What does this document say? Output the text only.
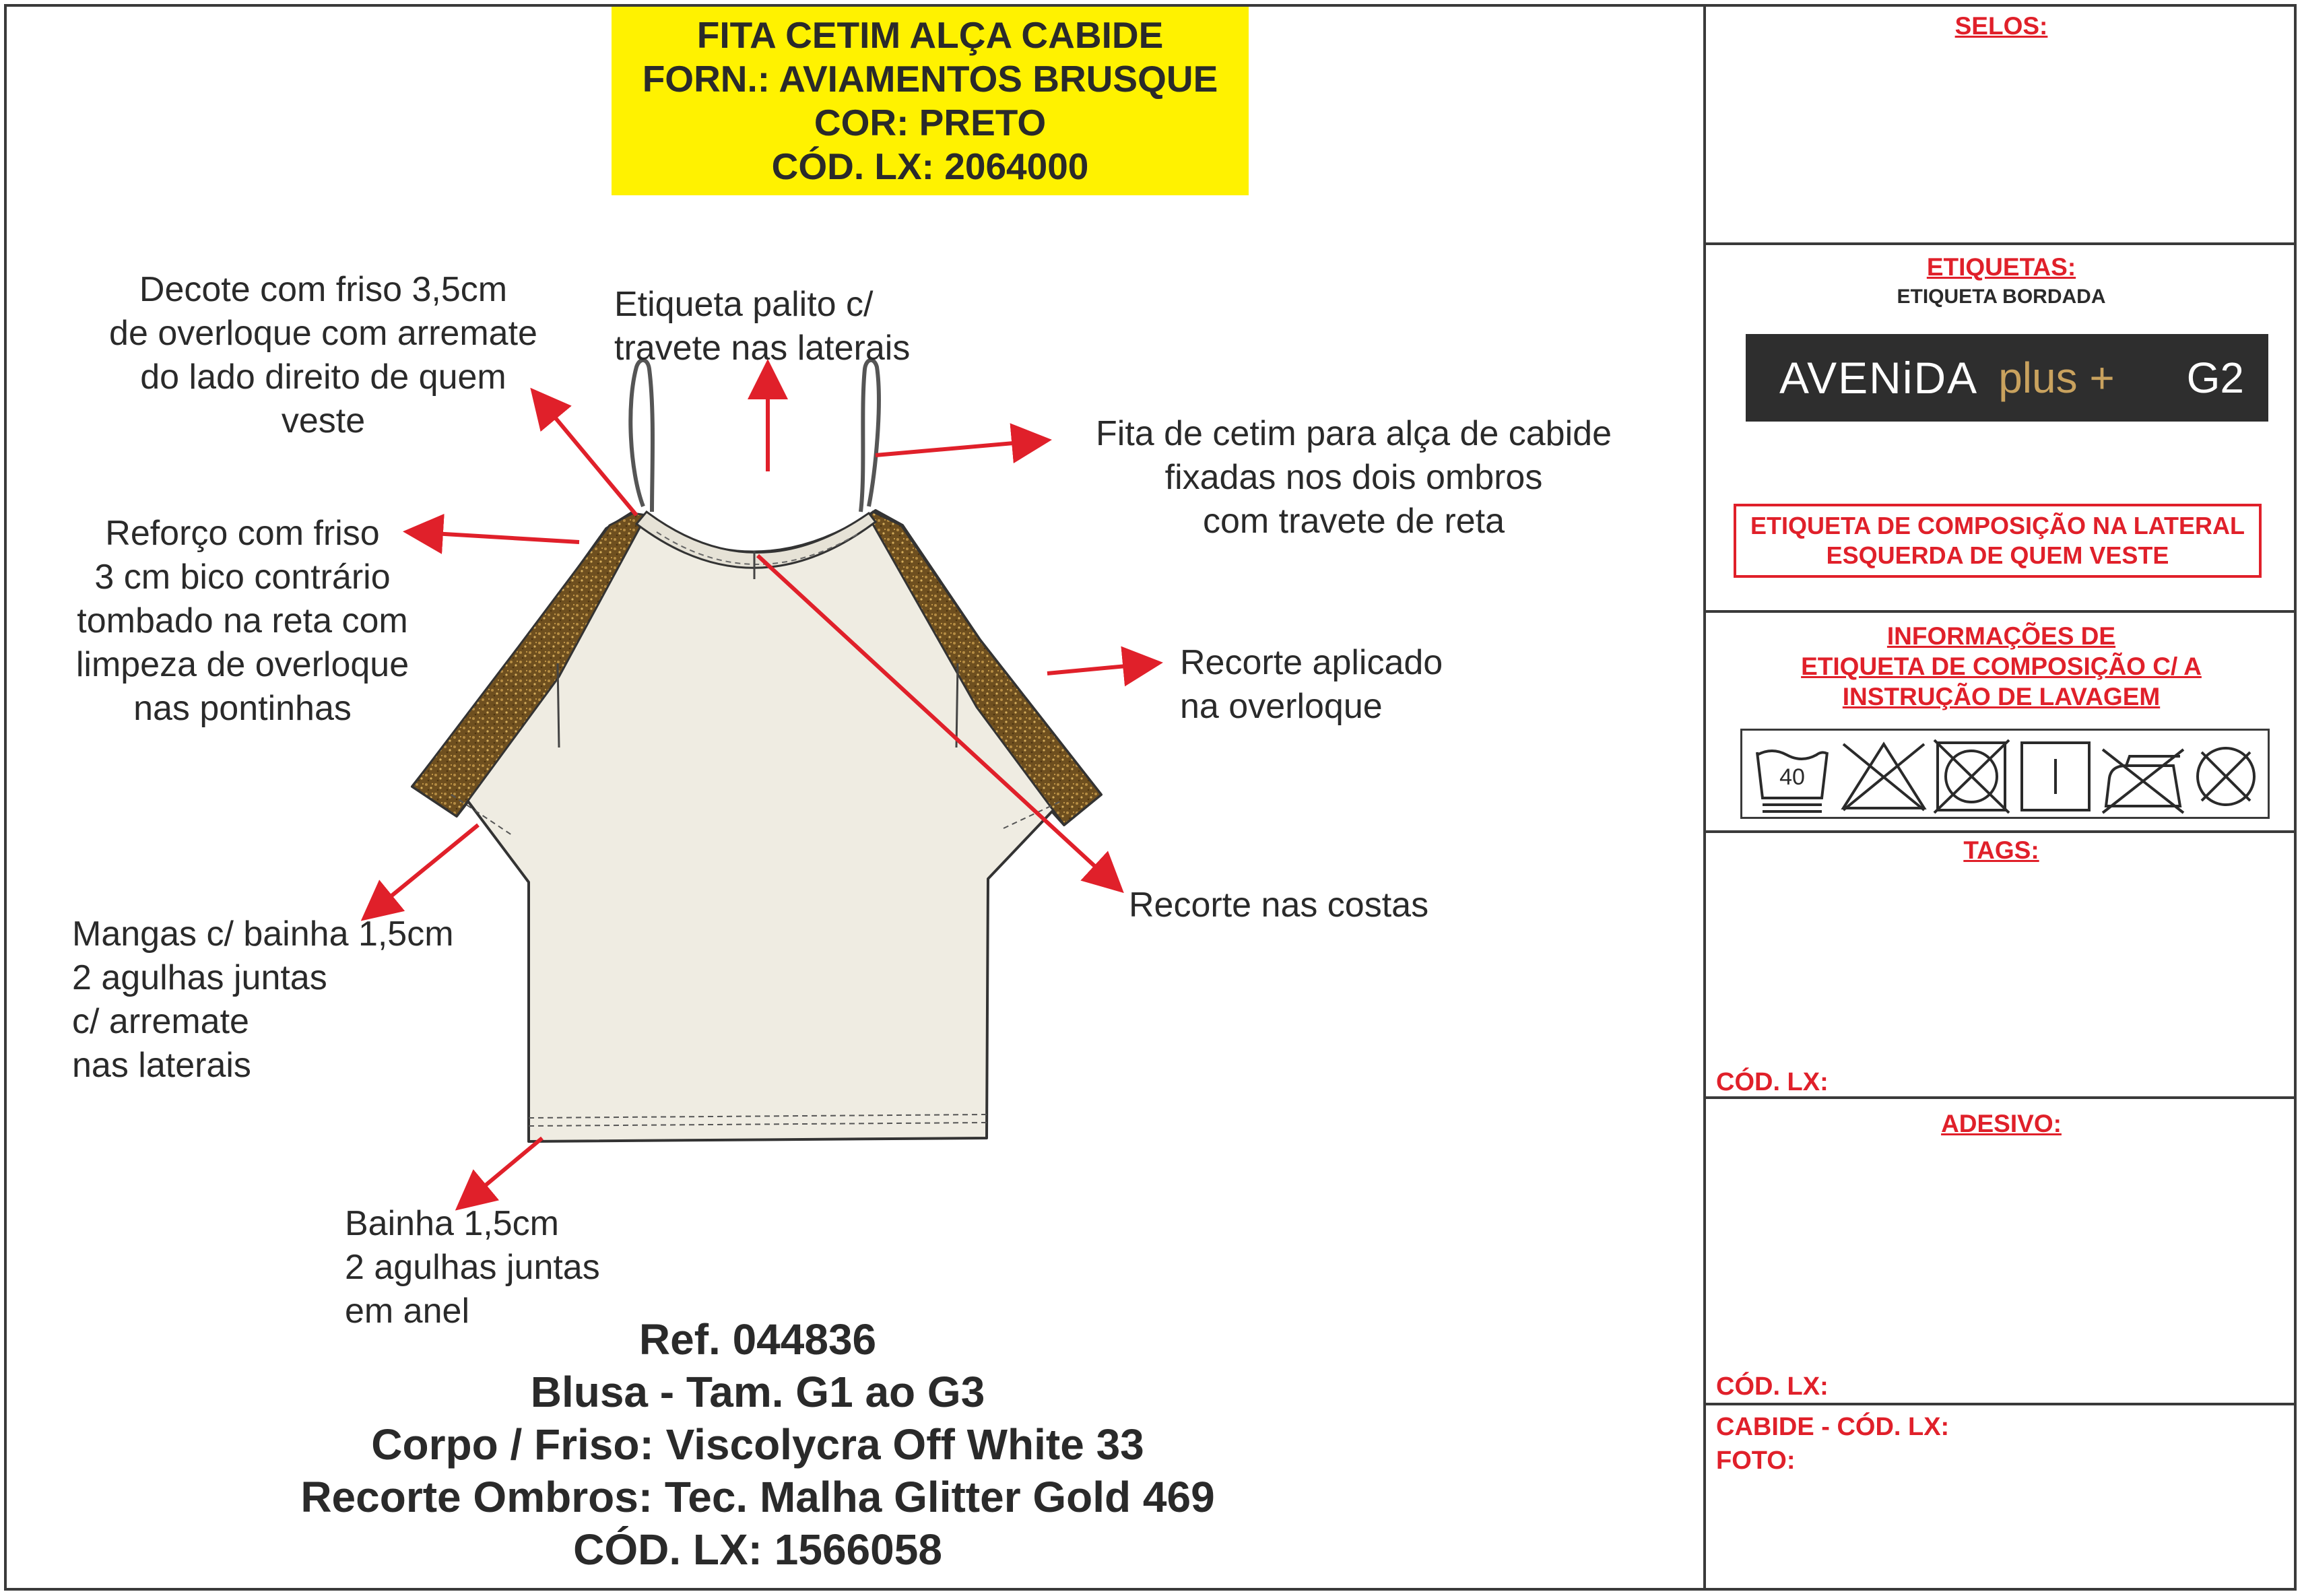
FITA CETIM ALÇA CABIDE
FORN.: AVIAMENTOS BRUSQUE
COR: PRETO
CÓD. LX: 2064000
Decote com friso 3,5cm
de overloque com arremate
do lado direito de quem
veste
Etiqueta palito c/
travete nas laterais
Fita de cetim para alça de cabide
fixadas nos dois ombros
com travete de reta
Reforço com friso
3 cm bico contrário
tombado na reta com
limpeza de overloque
nas pontinhas
Recorte aplicado
na overloque
Recorte nas costas
Mangas c/ bainha 1,5cm
2 agulhas juntas
c/ arremate
nas laterais
Bainha 1,5cm
2 agulhas juntas
em anel
Ref. 044836
Blusa - Tam. G1 ao G3
Corpo / Friso: Viscolycra Off White 33
Recorte Ombros: Tec. Malha Glitter Gold 469
CÓD. LX: 1566058
SELOS:
ETIQUETAS:
ETIQUETA BORDADA
AVENiDA plus + G2
ETIQUETA DE COMPOSIÇÃO NA LATERAL
ESQUERDA DE QUEM VESTE
INFORMAÇÕES DE
ETIQUETA DE COMPOSIÇÃO C/ A
INSTRUÇÃO DE LAVAGEM
40
TAGS:
CÓD. LX:
ADESIVO:
CÓD. LX:
CABIDE - CÓD. LX:
FOTO:
